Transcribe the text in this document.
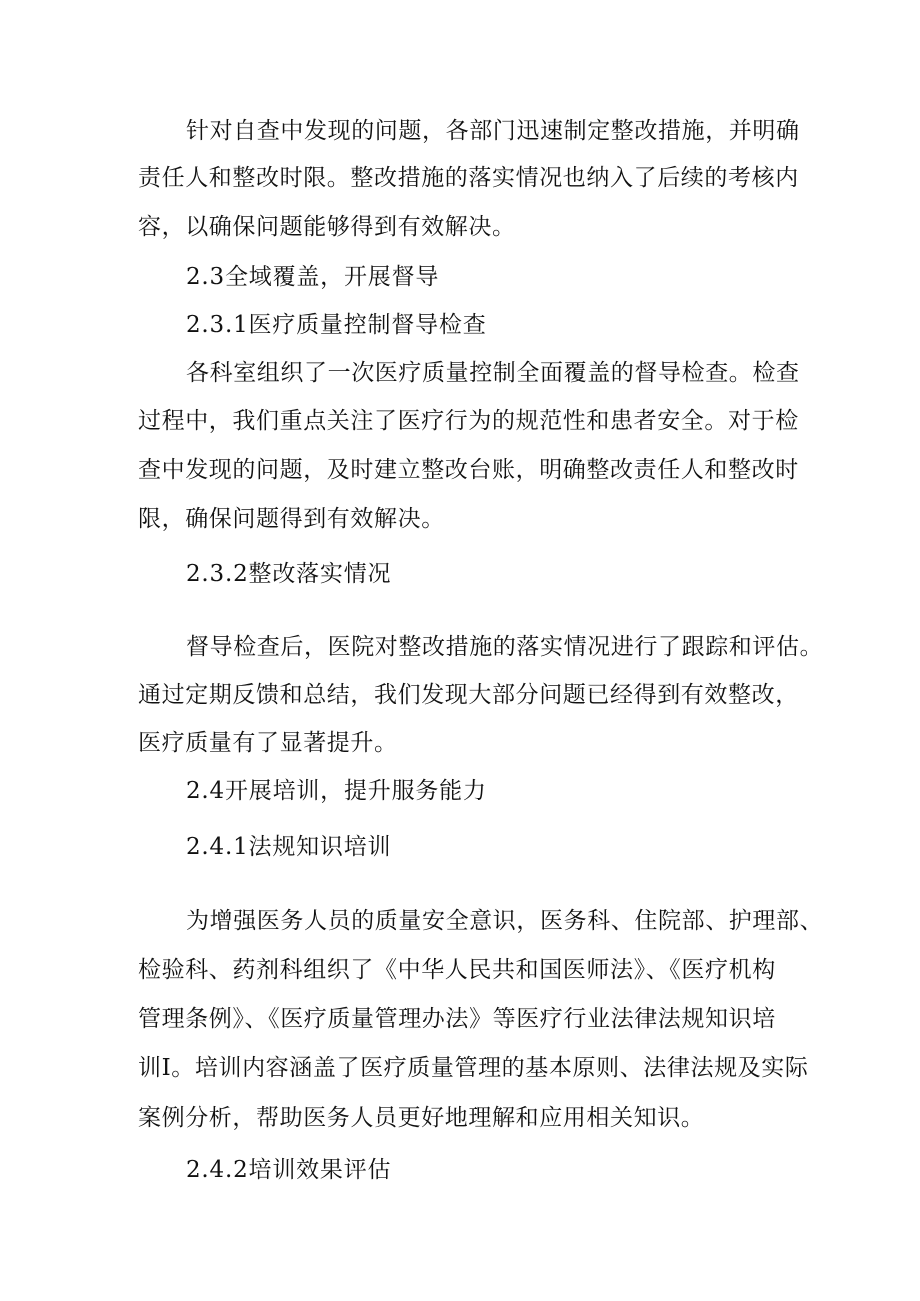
针对自查中发现的问题，各部门迅速制定整改措施，并明确
责任人和整改时限。整改措施的落实情况也纳入了后续的考核内
容，以确保问题能够得到有效解决。
2.3全域覆盖，开展督导
2.3.1医疗质量控制督导检查
各科室组织了一次医疗质量控制全面覆盖的督导检查。检查
过程中，我们重点关注了医疗行为的规范性和患者安全。对于检
查中发现的问题，及时建立整改台账，明确整改责任人和整改时
限，确保问题得到有效解决。
2.3.2整改落实情况
督导检查后，医院对整改措施的落实情况进行了跟踪和评估。
通过定期反馈和总结，我们发现大部分问题已经得到有效整改，
医疗质量有了显著提升。
2.4开展培训，提升服务能力
2.4.1法规知识培训
为增强医务人员的质量安全意识，医务科、住院部、护理部、
检验科、药剂科组织了《中华人民共和国医师法》、《医疗机构
管理条例》、《医疗质量管理办法》等医疗行业法律法规知识培
训I。培训内容涵盖了医疗质量管理的基本原则、法律法规及实际
案例分析，帮助医务人员更好地理解和应用相关知识。
2.4.2培训效果评估
